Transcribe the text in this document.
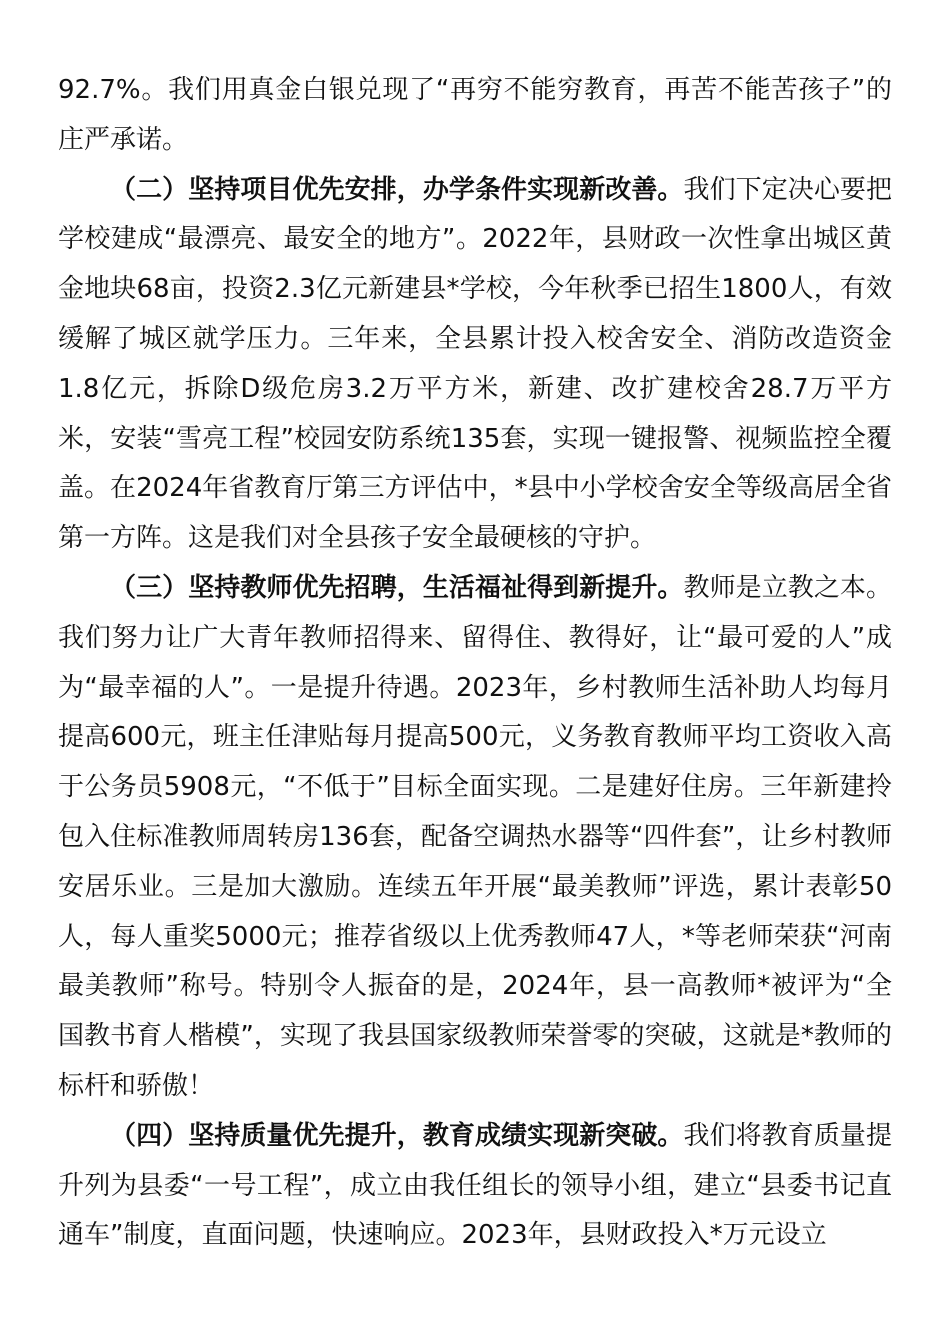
92.7%。我们用真金白银兑现了“再穷不能穷教育，再苦不能苦孩子”的庄严承诺。

（二）坚持项目优先安排，办学条件实现新改善。我们下定决心要把学校建成“最漂亮、最安全的地方”。2022年，县财政一次性拿出城区黄金地块68亩，投资2.3亿元新建县*学校，今年秋季已招生1800人，有效缓解了城区就学压力。三年来，全县累计投入校舍安全、消防改造资金1.8亿元，拆除D级危房3.2万平方米，新建、改扩建校舍28.7万平方米，安装“雪亮工程”校园安防系统135套，实现一键报警、视频监控全覆盖。在2024年省教育厅第三方评估中，*县中小学校舍安全等级高居全省第一方阵。这是我们对全县孩子安全最硬核的守护。

（三）坚持教师优先招聘，生活福祉得到新提升。教师是立教之本。我们努力让广大青年教师招得来、留得住、教得好，让“最可爱的人”成为“最幸福的人”。一是提升待遇。2023年，乡村教师生活补助人均每月提高600元，班主任津贴每月提高500元，义务教育教师平均工资收入高于公务员5908元，“不低于”目标全面实现。二是建好住房。三年新建拎包入住标准教师周转房136套，配备空调热水器等“四件套”，让乡村教师安居乐业。三是加大激励。连续五年开展“最美教师”评选，累计表彰50人，每人重奖5000元；推荐省级以上优秀教师47人，*等老师荣获“河南最美教师”称号。特别令人振奋的是，2024年，县一高教师*被评为“全国教书育人楷模”，实现了我县国家级教师荣誉零的突破，这就是*教师的标杆和骄傲！

（四）坚持质量优先提升，教育成绩实现新突破。我们将教育质量提升列为县委“一号工程”，成立由我任组长的领导小组，建立“县委书记直通车”制度，直面问题，快速响应。2023年，县财政投入*万元设立
